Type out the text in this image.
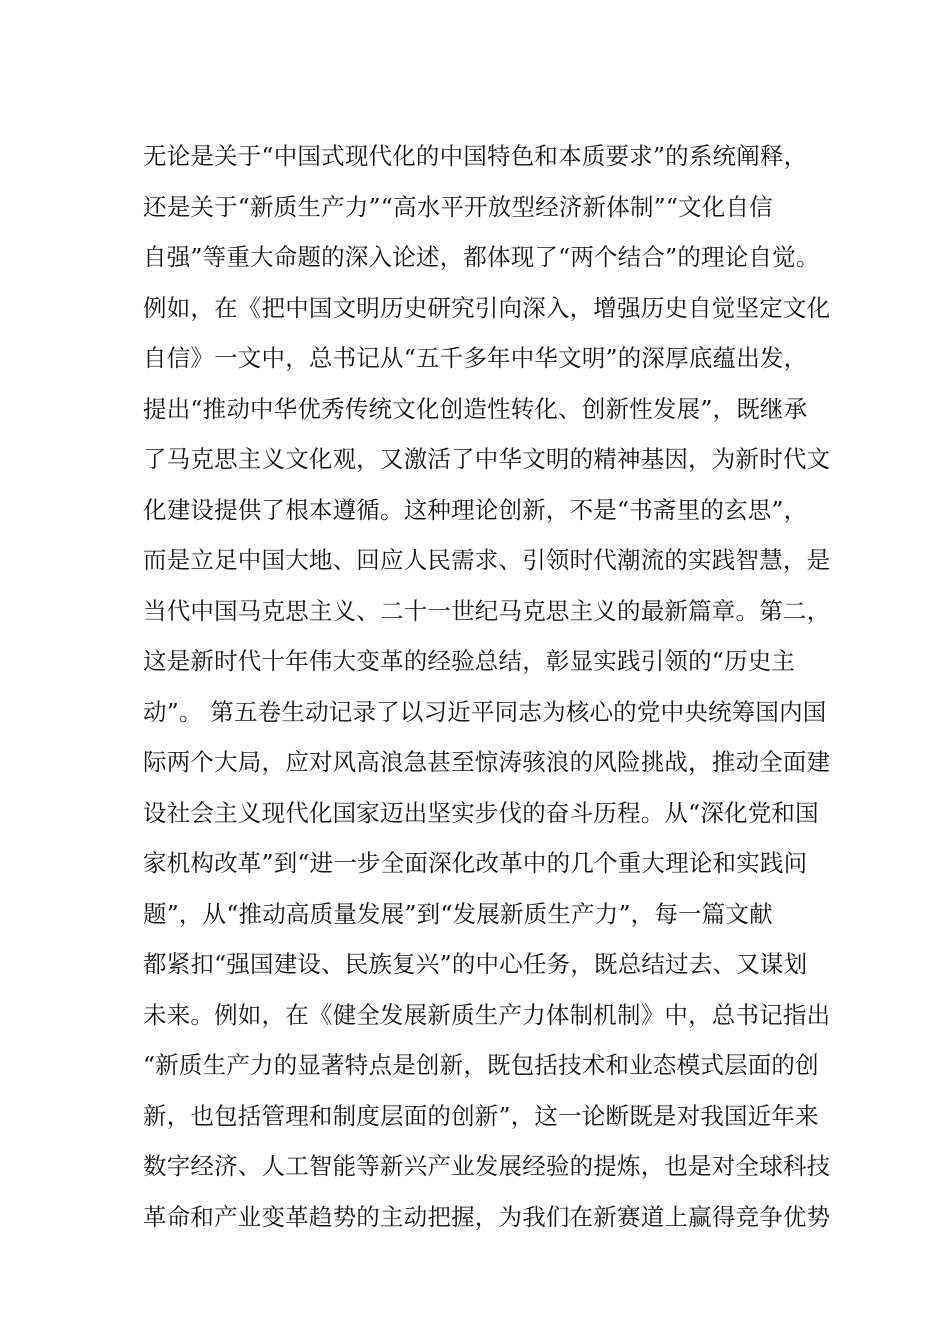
无论是关于“中国式现代化的中国特色和本质要求”的系统阐释，
还是关于“新质生产力”“高水平开放型经济新体制”“文化自信
自强”等重大命题的深入论述，都体现了“两个结合”的理论自觉。
例如，在《把中国文明历史研究引向深入，增强历史自觉坚定文化
自信》一文中，总书记从“五千多年中华文明”的深厚底蕴出发，
提出“推动中华优秀传统文化创造性转化、创新性发展”，既继承
了马克思主义文化观，又激活了中华文明的精神基因，为新时代文
化建设提供了根本遵循。这种理论创新，不是“书斋里的玄思”，
而是立足中国大地、回应人民需求、引领时代潮流的实践智慧，是
当代中国马克思主义、二十一世纪马克思主义的最新篇章。第二，
这是新时代十年伟大变革的经验总结，彰显实践引领的“历史主
动”。 第五卷生动记录了以习近平同志为核心的党中央统筹国内国
际两个大局，应对风高浪急甚至惊涛骇浪的风险挑战，推动全面建
设社会主义现代化国家迈出坚实步伐的奋斗历程。从“深化党和国
家机构改革”到“进一步全面深化改革中的几个重大理论和实践问
题”，从“推动高质量发展”到“发展新质生产力”，每一篇文献
都紧扣“强国建设、民族复兴”的中心任务，既总结过去、又谋划
未来。例如，在《健全发展新质生产力体制机制》中，总书记指出
“新质生产力的显著特点是创新，既包括技术和业态模式层面的创
新，也包括管理和制度层面的创新”，这一论断既是对我国近年来
数字经济、人工智能等新兴产业发展经验的提炼，也是对全球科技
革命和产业变革趋势的主动把握，为我们在新赛道上赢得竞争优势
